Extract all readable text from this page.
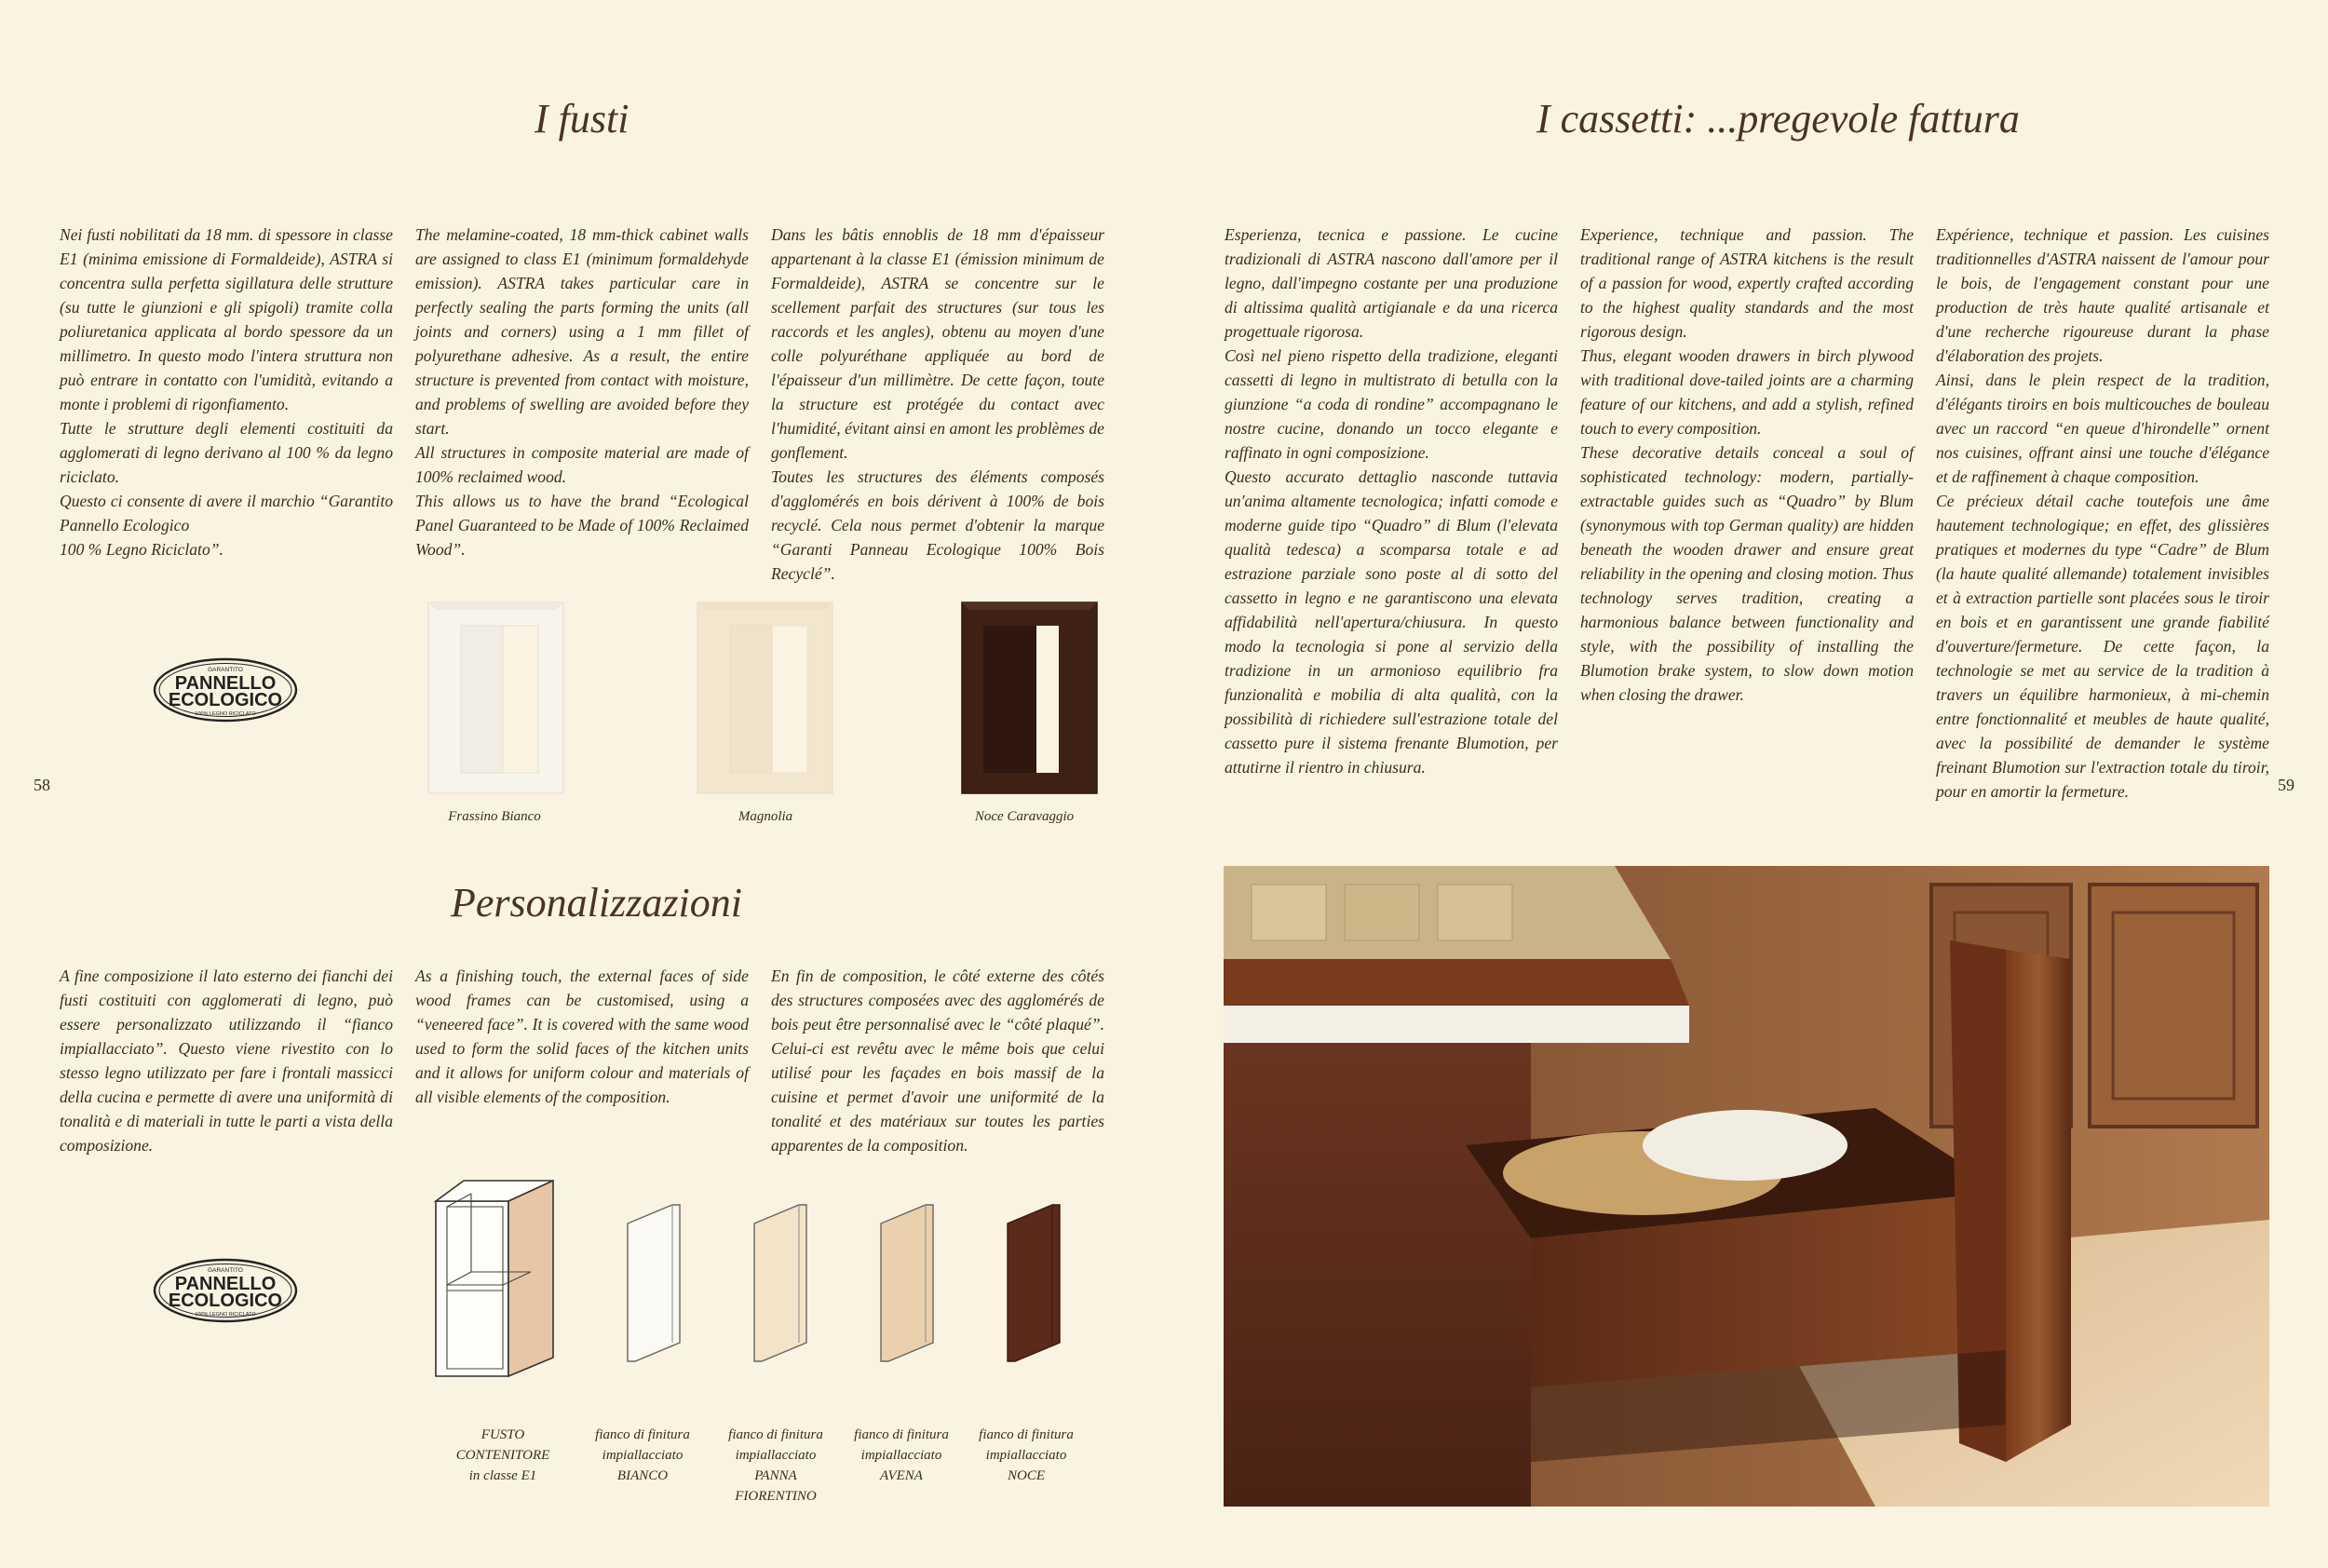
I fusti

Nei fusti nobilitati da 18 mm. di spessore in classe E1 (minima emissione di Formaldeide), ASTRA si concentra sulla perfetta sigillatura delle strutture (su tutte le giunzioni e gli spigoli) tramite colla poliuretanica applicata al bordo spessore da un millimetro. In questo modo l'intera struttura non può entrare in contatto con l'umidità, evitando a monte i problemi di rigonfiamento.

Tutte le strutture degli elementi costituiti da agglomerati di legno derivano al 100 % da legno riciclato.

Questo ci consente di avere il marchio “Garantito Pannello Ecologico

100 % Legno Riciclato”.

The melamine-coated, 18 mm-thick cabinet walls are assigned to class E1 (minimum formaldehyde emission). ASTRA takes particular care in perfectly sealing the parts forming the units (all joints and corners) using a 1 mm fillet of polyurethane adhesive. As a result, the entire structure is prevented from contact with moisture, and problems of swelling are avoided before they start.

All structures in composite material are made of 100% reclaimed wood.

This allows us to have the brand “Ecological Panel Guaranteed to be Made of 100% Reclaimed Wood”.

Dans les bâtis ennoblis de 18 mm d'épaisseur appartenant à la classe E1 (émission minimum de Formaldeide), ASTRA se concentre sur le scellement parfait des structures (sur tous les raccords et les angles), obtenu au moyen d'une colle polyuréthane appliquée au bord de l'épaisseur d'un millimètre. De cette façon, toute la structure est protégée du contact avec l'humidité, évitant ainsi en amont les problèmes de gonflement.

Toutes les structures des éléments composés d'agglomérés en bois dérivent à 100% de bois recyclé. Cela nous permet d'obtenir la marque “Garanti Panneau Ecologique 100% Bois Recyclé”.

GARANTITO
PANNELLO
ECOLOGICO
100% LEGNO RICICLATO
58
Frassino Bianco	Magnolia	Noce Caravaggio
Personalizzazioni

A fine composizione il lato esterno dei fianchi dei fusti costituiti con agglomerati di legno, può essere personalizzato utilizzando il “fianco impiallacciato”. Questo viene rivestito con lo stesso legno utilizzato per fare i frontali massicci della cucina e permette di avere una uniformità di tonalità e di materiali in tutte le parti a vista della composizione.

As a finishing touch, the external faces of side wood frames can be customised, using a “veneered face”. It is covered with the same wood used to form the solid faces of the kitchen units and it allows for uniform colour and materials of all visible elements of the composition.

En fin de composition, le côté externe des côtés des structures composées avec des agglomérés de bois peut être personnalisé avec le “côté plaqué”. Celui-ci est revêtu avec le même bois que celui utilisé pour les façades en bois massif de la cuisine et permet d'avoir une uniformité de la tonalité et des matériaux sur toutes les parties apparentes de la composition.

GARANTITO
PANNELLO
ECOLOGICO
100% LEGNO RICICLATO
FUSTO
CONTENITORE
in classe E1
fianco di finitura
impiallacciato
BIANCO
fianco di finitura
impiallacciato
PANNA
FIORENTINO
fianco di finitura
impiallacciato
AVENA
fianco di finitura
impiallacciato
NOCE
I cassetti: ...pregevole fattura

Esperienza, tecnica e passione. Le cucine tradizionali di ASTRA nascono dall'amore per il legno, dall'impegno costante per una produzione di altissima qualità artigianale e da una ricerca progettuale rigorosa.

Così nel pieno rispetto della tradizione, eleganti cassetti di legno in multistrato di betulla con la giunzione “a coda di rondine” accompagnano le nostre cucine, donando un tocco elegante e raffinato in ogni composizione.

Questo accurato dettaglio nasconde tuttavia un'anima altamente tecnologica; infatti comode e moderne guide tipo “Quadro” di Blum (l'elevata qualità tedesca) a scomparsa totale e ad estrazione parziale sono poste al di sotto del cassetto in legno e ne garantiscono una elevata affidabilità nell'apertura/chiusura. In questo modo la tecnologia si pone al servizio della tradizione in un armonioso equilibrio fra funzionalità e mobilia di alta qualità, con la possibilità di richiedere sull'estrazione totale del cassetto pure il sistema frenante Blumotion, per attutirne il rientro in chiusura.

Experience, technique and passion. The traditional range of ASTRA kitchens is the result of a passion for wood, expertly crafted according to the highest quality standards and the most rigorous design.

Thus, elegant wooden drawers in birch plywood with traditional dove-tailed joints are a charming feature of our kitchens, and add a stylish, refined touch to every composition.

These decorative details conceal a soul of sophisticated technology: modern, partially-extractable guides such as “Quadro” by Blum (synonymous with top German quality) are hidden beneath the wooden drawer and ensure great reliability in the opening and closing motion. Thus technology serves tradition, creating a harmonious balance between functionality and style, with the possibility of installing the Blumotion brake system, to slow down motion when closing the drawer.

Expérience, technique et passion. Les cuisines traditionnelles d'ASTRA naissent de l'amour pour le bois, de l'engagement constant pour une production de très haute qualité artisanale et d'une recherche rigoureuse durant la phase d'élaboration des projets.

Ainsi, dans le plein respect de la tradition, d'élégants tiroirs en bois multicouches de bouleau avec un raccord “en queue d'hirondelle” ornent nos cuisines, offrant ainsi une touche d'élégance et de raffinement à chaque composition.

Ce précieux détail cache toutefois une âme hautement technologique; en effet, des glissières pratiques et modernes du type “Cadre” de Blum (la haute qualité allemande) totalement invisibles et à extraction partielle sont placées sous le tiroir en bois et en garantissent une grande fiabilité d'ouverture/fermeture. De cette façon, la technologie se met au service de la tradition à travers un équilibre harmonieux, à mi-chemin entre fonctionnalité et meubles de haute qualité, avec la possibilité de demander le système freinant Blumotion sur l'extraction totale du tiroir, pour en amortir la fermeture.	59
